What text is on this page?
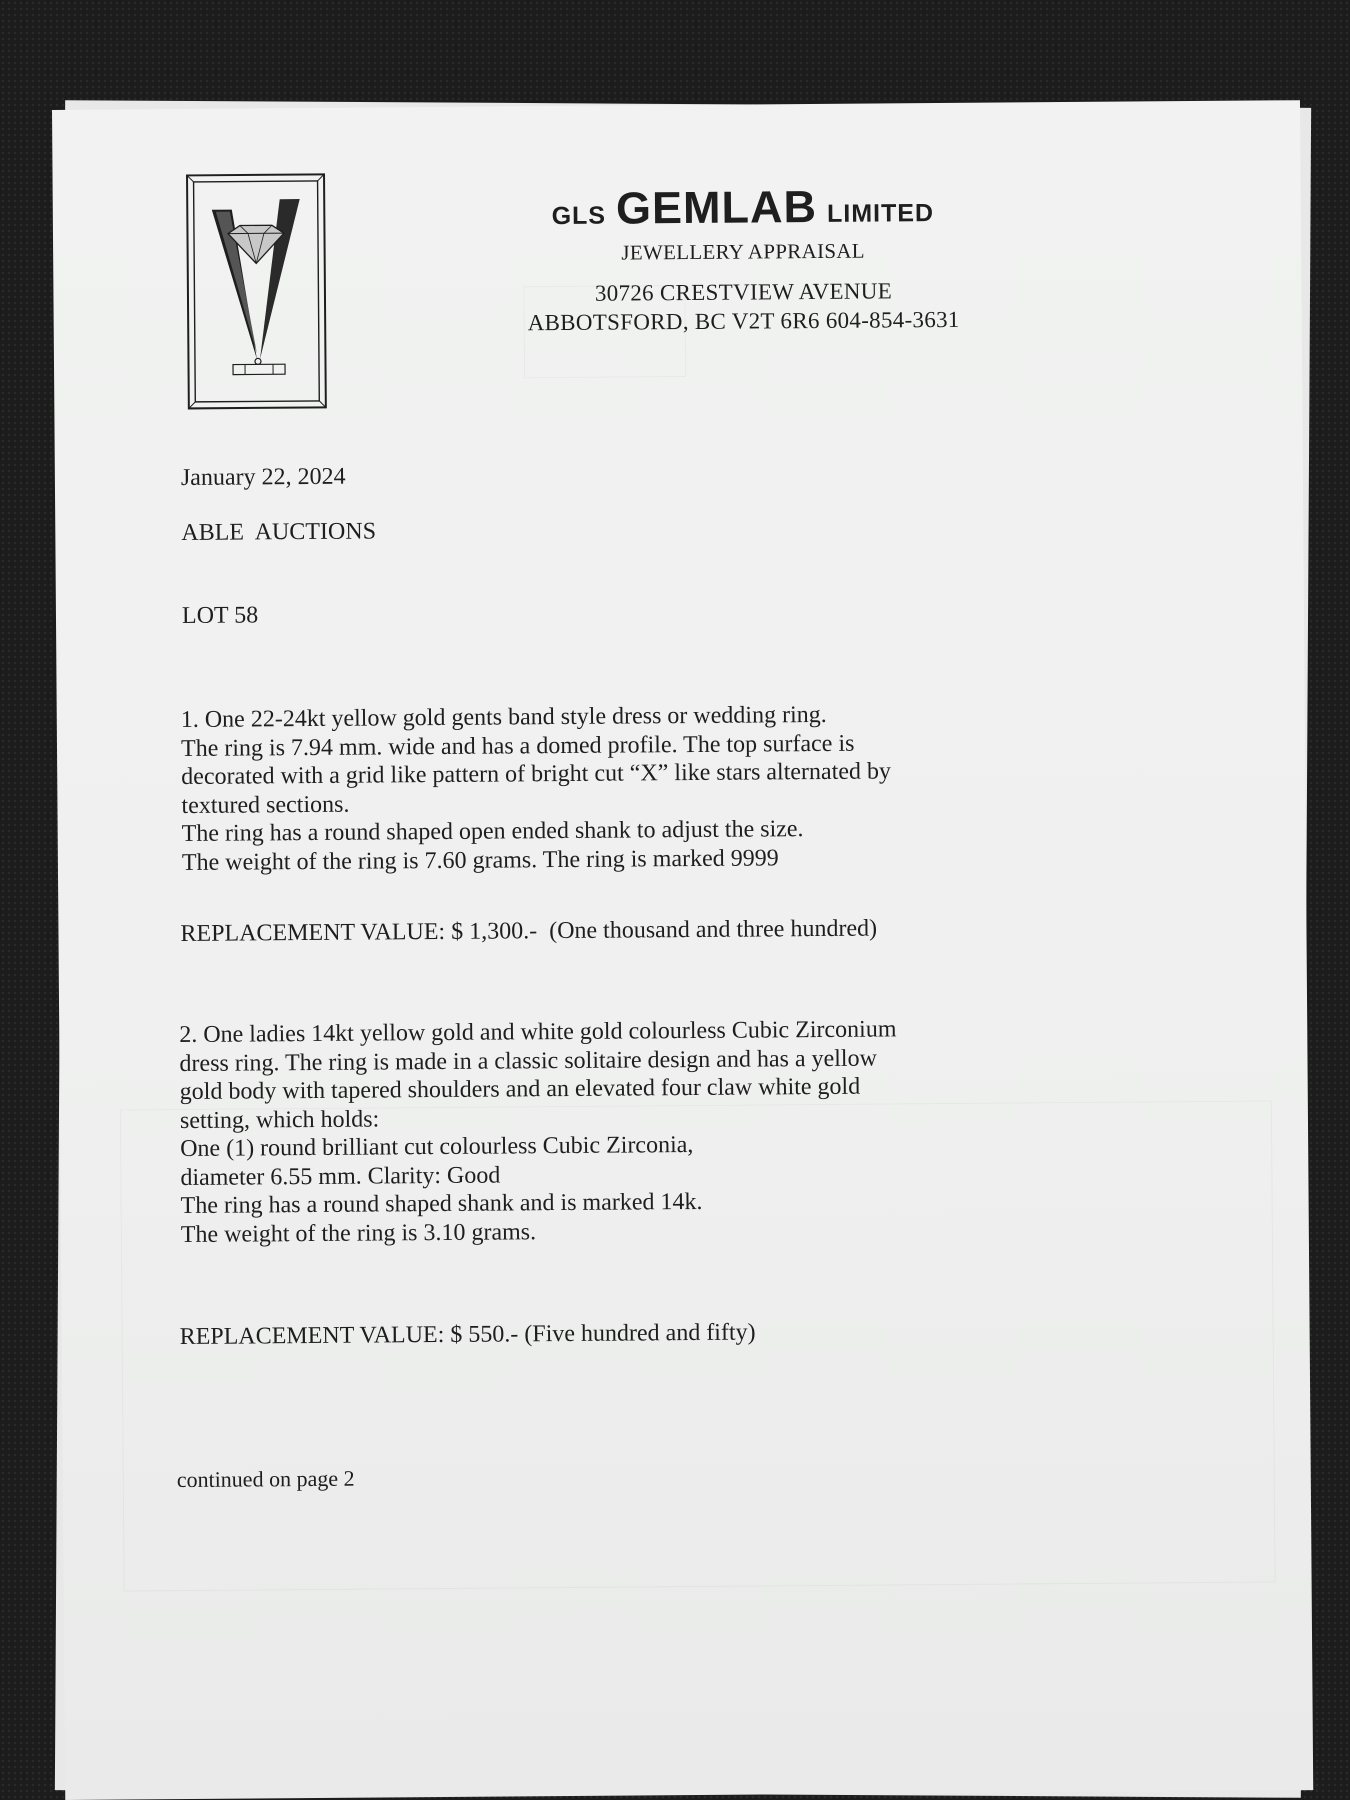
GLS GEMLAB LIMITED
JEWELLERY APPRAISAL
30726 CRESTVIEW AVENUE
ABBOTSFORD, BC V2T 6R6 604-854-3631
January 22, 2024
ABLE  AUCTIONS
LOT 58
1. One 22-24kt yellow gold gents band style dress or wedding ring.
The ring is 7.94 mm. wide and has a domed profile. The top surface is
decorated with a grid like pattern of bright cut “X” like stars alternated by
textured sections.
The ring has a round shaped open ended shank to adjust the size.
The weight of the ring is 7.60 grams. The ring is marked 9999
REPLACEMENT VALUE: $ 1,300.-  (One thousand and three hundred)
2. One ladies 14kt yellow gold and white gold colourless Cubic Zirconium
dress ring. The ring is made in a classic solitaire design and has a yellow
gold body with tapered shoulders and an elevated four claw white gold
setting, which holds:
One (1) round brilliant cut colourless Cubic Zirconia,
diameter 6.55 mm. Clarity: Good
The ring has a round shaped shank and is marked 14k.
The weight of the ring is 3.10 grams.
REPLACEMENT VALUE: $ 550.- (Five hundred and fifty)
continued on page 2
